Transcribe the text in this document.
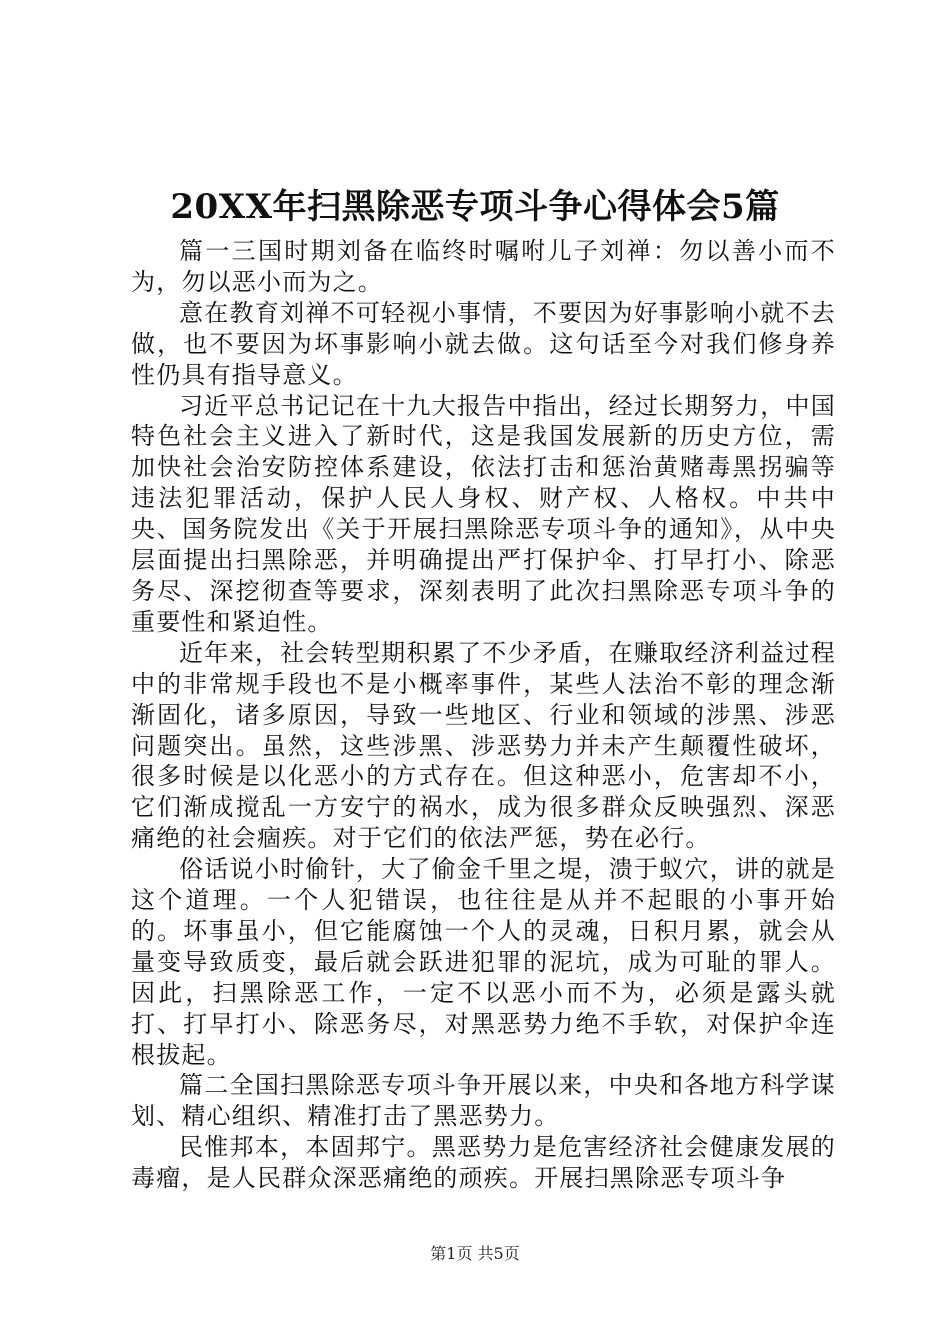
20XX年扫黑除恶专项斗争心得体会5篇

篇一三国时期刘备在临终时嘱咐儿子刘禅：勿以善小而不为，勿以恶小而为之。

意在教育刘禅不可轻视小事情，不要因为好事影响小就不去做，也不要因为坏事影响小就去做。这句话至今对我们修身养性仍具有指导意义。

习近平总书记记在十九大报告中指出，经过长期努力，中国特色社会主义进入了新时代，这是我国发展新的历史方位，需加快社会治安防控体系建设，依法打击和惩治黄赌毒黑拐骗等违法犯罪活动，保护人民人身权、财产权、人格权。中共中央、国务院发出《关于开展扫黑除恶专项斗争的通知》，从中央层面提出扫黑除恶，并明确提出严打保护伞、打早打小、除恶务尽、深挖彻查等要求，深刻表明了此次扫黑除恶专项斗争的重要性和紧迫性。

近年来，社会转型期积累了不少矛盾，在赚取经济利益过程中的非常规手段也不是小概率事件，某些人法治不彰的理念渐渐固化，诸多原因，导致一些地区、行业和领域的涉黑、涉恶问题突出。虽然，这些涉黑、涉恶势力并未产生颠覆性破坏，很多时候是以化恶小的方式存在。但这种恶小，危害却不小，它们渐成搅乱一方安宁的祸水，成为很多群众反映强烈、深恶痛绝的社会痼疾。对于它们的依法严惩，势在必行。

俗话说小时偷针，大了偷金千里之堤，溃于蚁穴，讲的就是这个道理。一个人犯错误，也往往是从并不起眼的小事开始的。坏事虽小，但它能腐蚀一个人的灵魂，日积月累，就会从量变导致质变，最后就会跃进犯罪的泥坑，成为可耻的罪人。因此，扫黑除恶工作，一定不以恶小而不为，必须是露头就打、打早打小、除恶务尽，对黑恶势力绝不手软，对保护伞连根拔起。

篇二全国扫黑除恶专项斗争开展以来，中央和各地方科学谋划、精心组织、精准打击了黑恶势力。

民惟邦本，本固邦宁。黑恶势力是危害经济社会健康发展的毒瘤，是人民群众深恶痛绝的顽疾。开展扫黑除恶专项斗争

第1页 共5页
